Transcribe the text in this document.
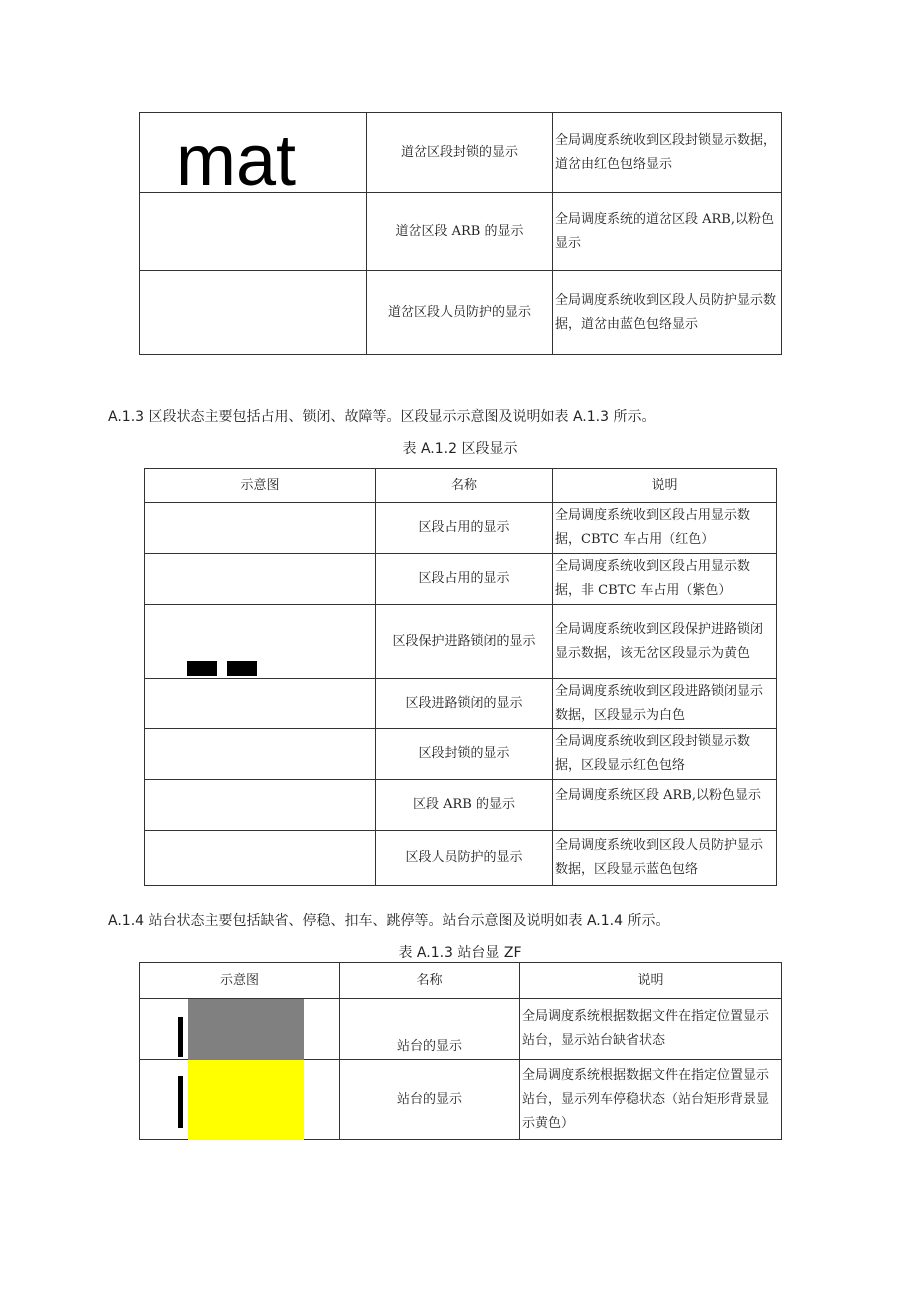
mat	道岔区段封锁的显示	全局调度系统收到区段封锁显示数据，道岔由红色包络显示
	道岔区段 ARB 的显示	全局调度系统的道岔区段 ARB,以粉色显示
	道岔区段人员防护的显示	全局调度系统收到区段人员防护显示数据，道岔由蓝色包络显示
A.1.3 区段状态主要包括占用、锁闭、故障等。区段显示示意图及说明如表 A.1.3 所示。
表 A.1.2 区段显示
示意图	名称	说明
	区段占用的显示	全局调度系统收到区段占用显示数据，CBTC 车占用（红色）
	区段占用的显示	全局调度系统收到区段占用显示数据，非 CBTC 车占用（紫色）

	区段保护进路锁闭的显示	全局调度系统收到区段保护进路锁闭显示数据，该无岔区段显示为黄色
	区段进路锁闭的显示	全局调度系统收到区段进路锁闭显示数据，区段显示为白色
	区段封锁的显示	全局调度系统收到区段封锁显示数据，区段显示红色包络
	区段 ARB 的显示	全局调度系统区段 ARB,以粉色显示
	区段人员防护的显示	全局调度系统收到区段人员防护显示数据，区段显示蓝色包络
A.1.4 站台状态主要包括缺省、停稳、扣车、跳停等。站台示意图及说明如表 A.1.4 所示。
表 A.1.3 站台显 ZF
示意图	名称	说明

	站台的显示	全局调度系统根据数据文件在指定位置显示站台，显示站台缺省状态

	站台的显示	全局调度系统根据数据文件在指定位置显示站台，显示列车停稳状态（站台矩形背景显示黄色）
